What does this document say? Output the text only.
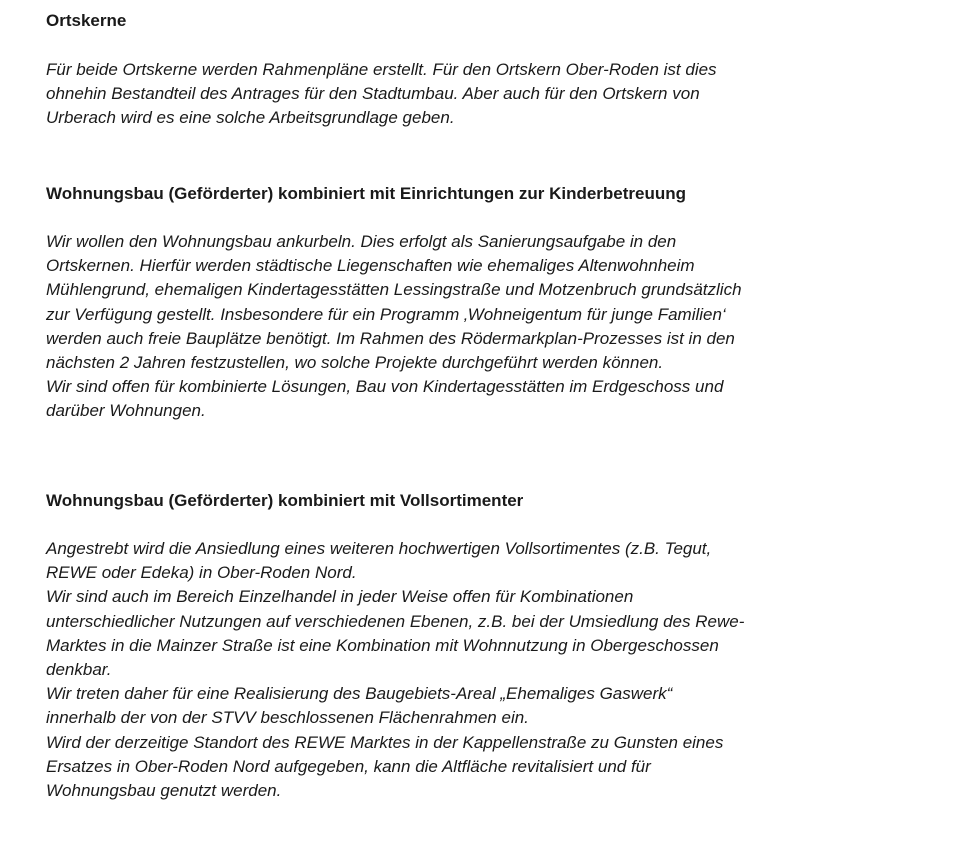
Ortskerne
Für beide Ortskerne werden Rahmenpläne erstellt. Für den Ortskern Ober-Roden ist dies
ohnehin Bestandteil des Antrages für den Stadtumbau. Aber auch für den Ortskern von
Urberach wird es eine solche Arbeitsgrundlage geben.
Wohnungsbau (Geförderter) kombiniert mit Einrichtungen zur Kinderbetreuung
Wir wollen den Wohnungsbau ankurbeln. Dies erfolgt als Sanierungsaufgabe in den
Ortskernen. Hierfür werden städtische Liegenschaften wie ehemaliges Altenwohnheim
Mühlengrund, ehemaligen Kindertagesstätten Lessingstraße und Motzenbruch grundsätzlich
zur Verfügung gestellt. Insbesondere für ein Programm ‚Wohneigentum für junge Familien‘
werden auch freie Bauplätze benötigt. Im Rahmen des Rödermarkplan-Prozesses ist in den
nächsten 2 Jahren festzustellen, wo solche Projekte durchgeführt werden können.
Wir sind offen für kombinierte Lösungen, Bau von Kindertagesstätten im Erdgeschoss und
darüber Wohnungen.
Wohnungsbau (Geförderter) kombiniert mit Vollsortimenter
Angestrebt wird die Ansiedlung eines weiteren hochwertigen Vollsortimentes (z.B. Tegut,
REWE oder Edeka) in Ober-Roden Nord.
Wir sind auch im Bereich Einzelhandel in jeder Weise offen für Kombinationen
unterschiedlicher Nutzungen auf verschiedenen Ebenen, z.B. bei der Umsiedlung des Rewe-
Marktes in die Mainzer Straße ist eine Kombination mit Wohnnutzung in Obergeschossen
denkbar.
Wir treten daher für eine Realisierung des Baugebiets-Areal „Ehemaliges Gaswerk“
innerhalb der von der STVV beschlossenen Flächenrahmen ein.
Wird der derzeitige Standort des REWE Marktes in der Kappellenstraße zu Gunsten eines
Ersatzes in Ober-Roden Nord aufgegeben, kann die Altfläche revitalisiert und für
Wohnungsbau genutzt werden.
